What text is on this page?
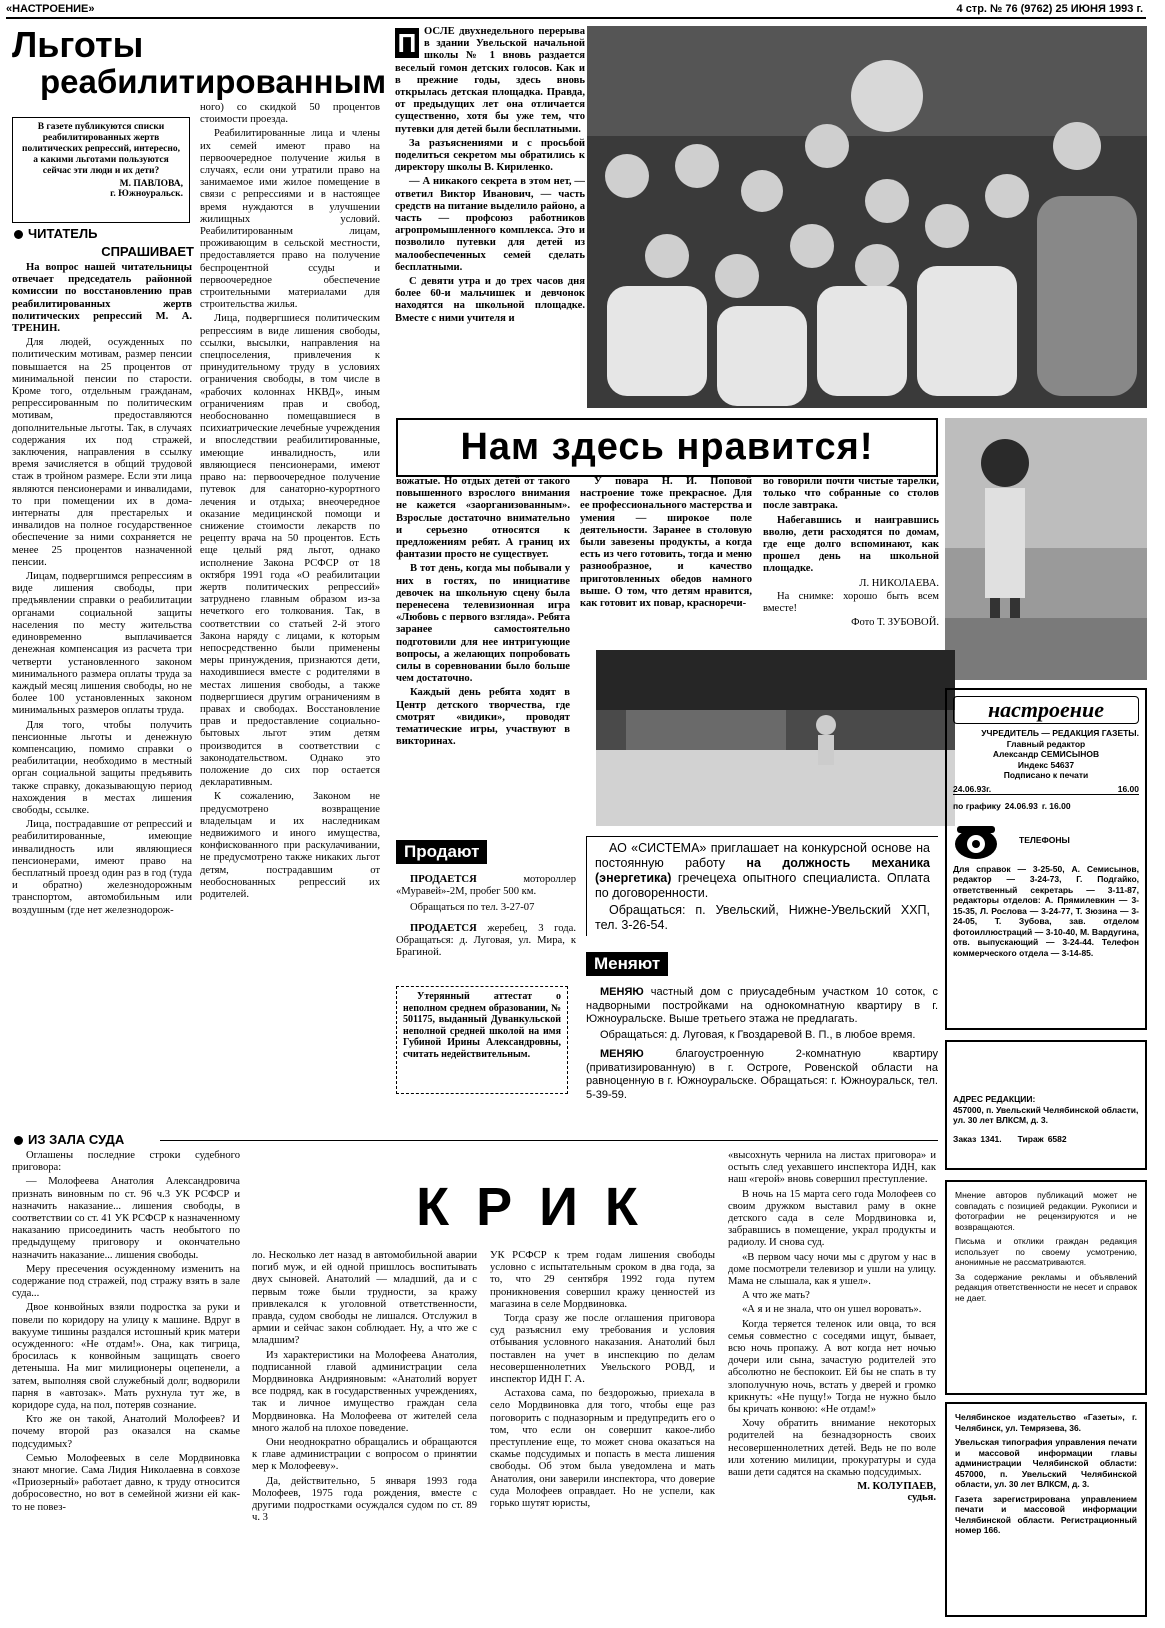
«НАСТРОЕНИЕ»	4 стр. № 76 (9762) 25 ИЮНЯ 1993 г.
Льготы
реабилитированным
В газете публикуются списки реабилитированных жертв политических репрессий, интересно, а какими льготами пользуются сейчас эти люди и их дети?
М. ПАВЛОВА,
г. Южноуральск.
ЧИТАТЕЛЬ
СПРАШИВАЕТ

На вопрос нашей читательницы отвечает председатель районной комиссии по восстановлению прав реабилитированных жертв политических репрессий М. А. ТРЕНИН.

Для людей, осужденных по политическим мотивам, размер пенсии повышается на 25 процентов от минимальной пенсии по старости. Кроме того, отдельным гражданам, репрессированным по политическим мотивам, предоставляются дополнительные льготы. Так, в случаях содержания их под стражей, заключения, направления в ссылку время зачисляется в общий трудовой стаж в тройном размере. Если эти лица являются пенсионерами и инвалидами, то при помещении их в дома-интернаты для престарелых и инвалидов на полное государственное обеспечение за ними сохраняется не менее 25 процентов назначенной пенсии.

Лицам, подвергшимся репрессиям в виде лишения свободы, при предъявлении справки о реабилитации органами социальной защиты населения по месту жительства единовременно выплачивается денежная компенсация из расчета три четверти установленного законом минимального размера оплаты труда за каждый месяц лишения свободы, но не более 100 установленных законом минимальных размеров оплаты труда.

Для того, чтобы получить пенсионные льготы и денежную компенсацию, помимо справки о реабилитации, необходимо в местный орган социальной защиты предъявить также справку, доказывающую период нахождения в местах лишения свободы, ссылке.

Лица, пострадавшие от репрессий и реабилитированные, имеющие инвалидность или являющиеся пенсионерами, имеют право на бесплатный проезд один раз в год (туда и обратно) железнодорожным транспортом, автомобильным или воздушным (где нет железнодорож-

ного) со скидкой 50 процентов стоимости проезда.

Реабилитированные лица и члены их семей имеют право на первоочередное получение жилья в случаях, если они утратили право на занимаемое ими жилое помещение в связи с репрессиями и в настоящее время нуждаются в улучшении жилищных условий. Реабилитированным лицам, проживающим в сельской местности, предоставляется право на получение беспроцентной ссуды и первоочередное обеспечение строительными материалами для строительства жилья.

Лица, подвергшиеся политическим репрессиям в виде лишения свободы, ссылки, высылки, направления на спецпоселения, привлечения к принудительному труду в условиях ограничения свободы, в том числе в «рабочих колоннах НКВД», иным ограничениям прав и свобод, необоснованно помещавшиеся в психиатрические лечебные учреждения и впоследствии реабилитированные, имеющие инвалидность, или являющиеся пенсионерами, имеют право на: первоочередное получение путевок для санаторно-курортного лечения и отдыха; внеочередное оказание медицинской помощи и снижение стоимости лекарств по рецепту врача на 50 процентов. Есть еще целый ряд льгот, однако исполнение Закона РСФСР от 18 октября 1991 года «О реабилитации жертв политических репрессий» затруднено главным образом из-за нечеткого его толкования. Так, в соответствии со статьей 2-й этого Закона наряду с лицами, к которым непосредственно были применены меры принуждения, признаются дети, находившиеся вместе с родителями в местах лишения свободы, а также подвергшиеся другим ограничениям в правах и свободах. Восстановление прав и предоставление социально-бытовых льгот этим детям производится в соответствии с законодательством. Однако это положение до сих пор остается декларативным.

К сожалению, Законом не предусмотрено возвращение владельцам и их наследникам недвижимого и иного имущества, конфискованного при раскулачивании, не предусмотрено также никаких льгот детям, пострадавшим от необоснованных репрессий их родителей.

П ОСЛЕ двухнедельного перерыва в здании Увельской начальной школы № 1 вновь раздается веселый гомон детских голосов. Как и в прежние годы, здесь вновь открылась детская площадка. Правда, от предыдущих лет она отличается существенно, хотя бы уже тем, что путевки для детей были бесплатными.

За разъяснениями и с просьбой поделиться секретом мы обратились к директору школы В. Кириленко.

— А никакого секрета в этом нет, — ответил Виктор Иванович, — часть средств на питание выделило районо, а часть — профсоюз работников агропромышленного комплекса. Это и позволило путевки для детей из малообеспеченных семей сделать бесплатными.

С девяти утра и до трех часов дня более 60-и мальчишек и девчонок находятся на школьной площадке. Вместе с ними учителя и

Нам здесь нравится!

вожатые. Но отдых детей от такого повышенного взрослого внимания не кажется «заорганизованным». Взрослые достаточно внимательно и серьезно относятся к предложениям ребят. А границ их фантазии просто не существует.

В тот день, когда мы побывали у них в гостях, по инициативе девочек на школьную сцену была перенесена телевизионная игра «Любовь с первого взгляда». Ребята заранее самостоятельно подготовили для нее интригующие вопросы, а желающих попробовать силы в соревновании было больше чем достаточно.

Каждый день ребята ходят в Центр детского творчества, где смотрят «видики», проводят тематические игры, участвуют в викторинах.

У повара Н. И. Поповой настроение тоже прекрасное. Для ее профессионального мастерства и умения — широкое поле деятельности. Заранее в столовую были завезены продукты, а когда есть из чего готовить, тогда и меню разнообразное, и качество приготовленных обедов намного выше. О том, что детям нравится, как готовит их повар, красноречи-

во говорили почти чистые тарелки, только что собранные со столов после завтрака.

Набегавшись и наигравшись вволю, дети расходятся по домам, где еще долго вспоминают, как прошел день на школьной площадке.

Л. НИКОЛАЕВА.

На снимке: хорошо быть всем вместе!

Фото Т. ЗУБОВОЙ.
настроение
УЧРЕДИТЕЛЬ — РЕДАКЦИЯ ГАЗЕТЫ.
Главный редактор
Александр СЕМИСЫНОВ
Индекс 54637
Подписано к печати
24.06.93г.	16.00
по графику 24.06.93 г. 16.00
ТЕЛЕФОНЫ
Для справок — 3-25-50, А. Семисынов, редактор — 3-24-73, Г. Подгайко, ответственный секретарь — 3-11-87, редакторы отделов: А. Прямилевкин — 3-15-35, Л. Рослова — 3-24-77, Т. Зюзина — 3-24-05, Т. Зубова, зав. отделом фотоиллюстраций — 3-10-40, М. Вардугина, отв. выпускающий — 3-24-44. Телефон коммерческого отдела — 3-14-85.
АДРЕС РЕДАКЦИИ:
457000, п. Увельский Челябинской области, ул. 30 лет ВЛКСМ, д. 3.
Заказ 1341. Тираж 6582
Мнение авторов публикаций может не совпадать с позицией редакции. Рукописи и фотографии не рецензируются и не возвращаются.
Письма и отклики граждан редакция использует по своему усмотрению, анонимные не рассматриваются.
За содержание рекламы и объявлений редакция ответственности не несет и справок не дает.
Челябинское издательство «Газеты», г. Челябинск, ул. Темрязева, 36.
Увельская типография управления печати и массовой информации главы администрации Челябинской области: 457000, п. Увельский Челябинской области, ул. 30 лет ВЛКСМ, д. 3.
Газета зарегистрирована управлением печати и массовой информации Челябинской области. Регистрационный номер 166.
Продают

ПРОДАЕТСЯ	мотороллер «Муравей»-2М, пробег 500 км.

Обращаться по тел. 3-27-07

ПРОДАЕТСЯ жеребец, 3 года. Обращаться: д. Луговая, ул. Мира, к Брагиной.

Утерянный аттестат о неполном среднем образовании, № 501175, выданный Дуванкульской неполной средней школой на имя Губиной Ирины Александровны, считать недействительным.

АО «СИСТЕМА» приглашает на конкурсной основе на постоянную работу на должность механика (энергетика) гречецеха опытного специалиста. Оплата по договоренности.

Обращаться: п. Увельский, Нижне-Увельский ХХП, тел. 3-26-54.

Меняют

МЕНЯЮ частный дом с приусадебным участком 10 соток, с надворными постройками на однокомнатную квартиру в г. Южноуральске. Выше третьего этажа не предлагать.

Обращаться: д. Луговая, к Гвоздаревой В. П., в любое время.

МЕНЯЮ	благоустроенную 2-комнатную квартиру (приватизированную) в г. Остроге, Ровенской области на равноценную в г. Южноуральске. Обращаться: г. Южноуральск, тел. 5-39-59.

ИЗ ЗАЛА СУДА
К Р И К

Оглашены последние строки судебного приговора:

— Молофеева Анатолия Александровича признать виновным по ст. 96 ч.3 УК РСФСР и назначить наказание... лишения свободы, в соответствии со ст. 41 УК РСФСР к назначенному наказанию присоединить часть необытого по предыдущему приговору и окончательно назначить наказание... лишения свободы.

Меру пресечения осужденному изменить на содержание под стражей, под стражу взять в зале суда...

Двое конвойных взяли подростка за руки и повели по коридору на улицу к машине. Вдруг в вакууме тишины раздался истошный крик матери осужденного: «Не отдам!». Она, как тигрица, бросилась к конвойным защищать своего детеныша. На миг милиционеры оцепенели, а затем, выполняя свой служебный долг, водворили парня в «автозак». Мать рухнула тут же, в коридоре суда, на пол, потеряв сознание.

Кто же он такой, Анатолий Молофеев? И почему второй раз оказался на скамье подсудимых?

Семью Молофеевых в селе Мордвиновка знают многие. Сама Лидия Николаевна в совхозе «Приозерный» работает давно, к труду относится добросовестно, но вот в семейной жизни ей как-то не повез-

ло. Несколько лет назад в автомобильной аварии погиб муж, и ей одной пришлось воспитывать двух сыновей. Анатолий — младший, да и с первым тоже были трудности, за кражу привлекался к уголовной ответственности, правда, судом свободы не лишался. Отслужил в армии и сейчас закон соблюдает. Ну, а что же с младшим?

Из характеристики на Молофеева Анатолия, подписанной главой администрации села Мордвиновка Андрияновым: «Анатолий ворует все подряд, как в государственных учреждениях, так и личное имущество граждан села Мордвиновка. На Молофеева от жителей села много жалоб на плохое поведение.

Они неоднократно обращались и обращаются к главе администрации с вопросом о принятии мер к Молофееву».

Да, действительно, 5 января 1993 года Молофеев, 1975 года рождения, вместе с другими подростками осуждался судом по ст. 89 ч. 3

УК РСФСР к трем годам лишения свободы условно с испытательным сроком в два года, за то, что 29 сентября 1992 года путем проникновения совершил кражу ценностей из магазина в селе Мордвиновка.

Тогда сразу же после оглашения приговора суд разъяснил ему требования и условия отбывания условного наказания. Анатолий был поставлен на учет в инспекцию по делам несовершеннолетних Увельского РОВД, и инспектор ИДН Г. А.

Астахова сама, по бездорожью, приехала в село Мордвиновка для того, чтобы еще раз поговорить с подназорным и предупредить его о том, что если он совершит какое-либо преступление еще, то может снова оказаться на скамье подсудимых и попасть в места лишения свободы. Об этом была уведомлена и мать Анатолия, они заверили инспектора, что доверие суда Молофеев оправдает. Но не успели, как горько шутят юристы,

«высохнуть чернила на листах приговора» и остыть след уехавшего инспектора ИДН, как наш «герой» вновь совершил преступление.

В ночь на 15 марта сего года Молофеев со своим дружком выставил раму в окне детского сада в селе Мордвиновка и, забравшись в помещение, украл продукты и радиолу. И снова суд.

«В первом часу ночи мы с другом у нас в доме посмотрели телевизор и ушли на улицу. Мама не слышала, как я ушел».

А что же мать?

«А я и не знала, что он ушел воровать».

Когда теряется теленок или овца, то вся семья совместно с соседями ищут, бывает, всю ночь пропажу. А вот когда нет ночью дочери или сына, зачастую родителей это абсолютно не беспокоит. Ей бы не спать в ту злополучную ночь, встать у дверей и громко крикнуть: «Не пущу!» Тогда не нужно было бы кричать конвою: «Не отдам!»

Хочу обратить внимание некоторых родителей на безнадзорность своих несовершеннолетних детей. Ведь не по воле или хотению милиции, прокуратуры и суда ваши дети садятся на скамью подсудимых.

М. КОЛУПАЕВ,
судья.
